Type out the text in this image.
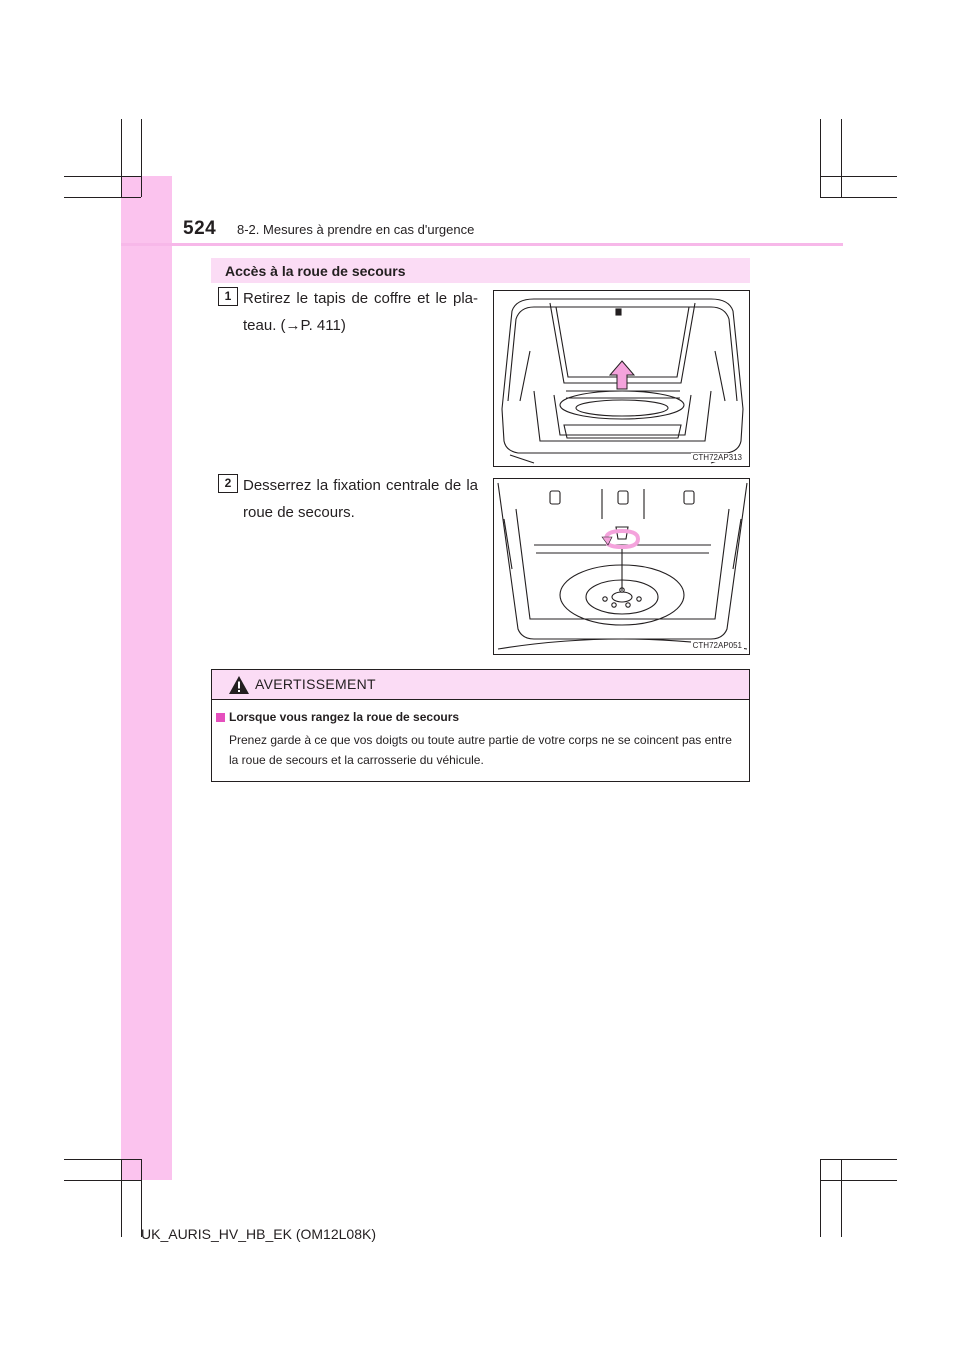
524 8-2. Mesures à prendre en cas d'urgence
Accès à la roue de secours
1 Retirez le tapis de coffre et le pla-teau. (→P. 411)
CTH72AP313
2 Desserrez la fixation centrale de la roue de secours.
CTH72AP051
AVERTISSEMENT
Lorsque vous rangez la roue de secours
Prenez garde à ce que vos doigts ou toute autre partie de votre corps ne se coincent pas entre la roue de secours et la carrosserie du véhicule.
UK_AURIS_HV_HB_EK (OM12L08K)
